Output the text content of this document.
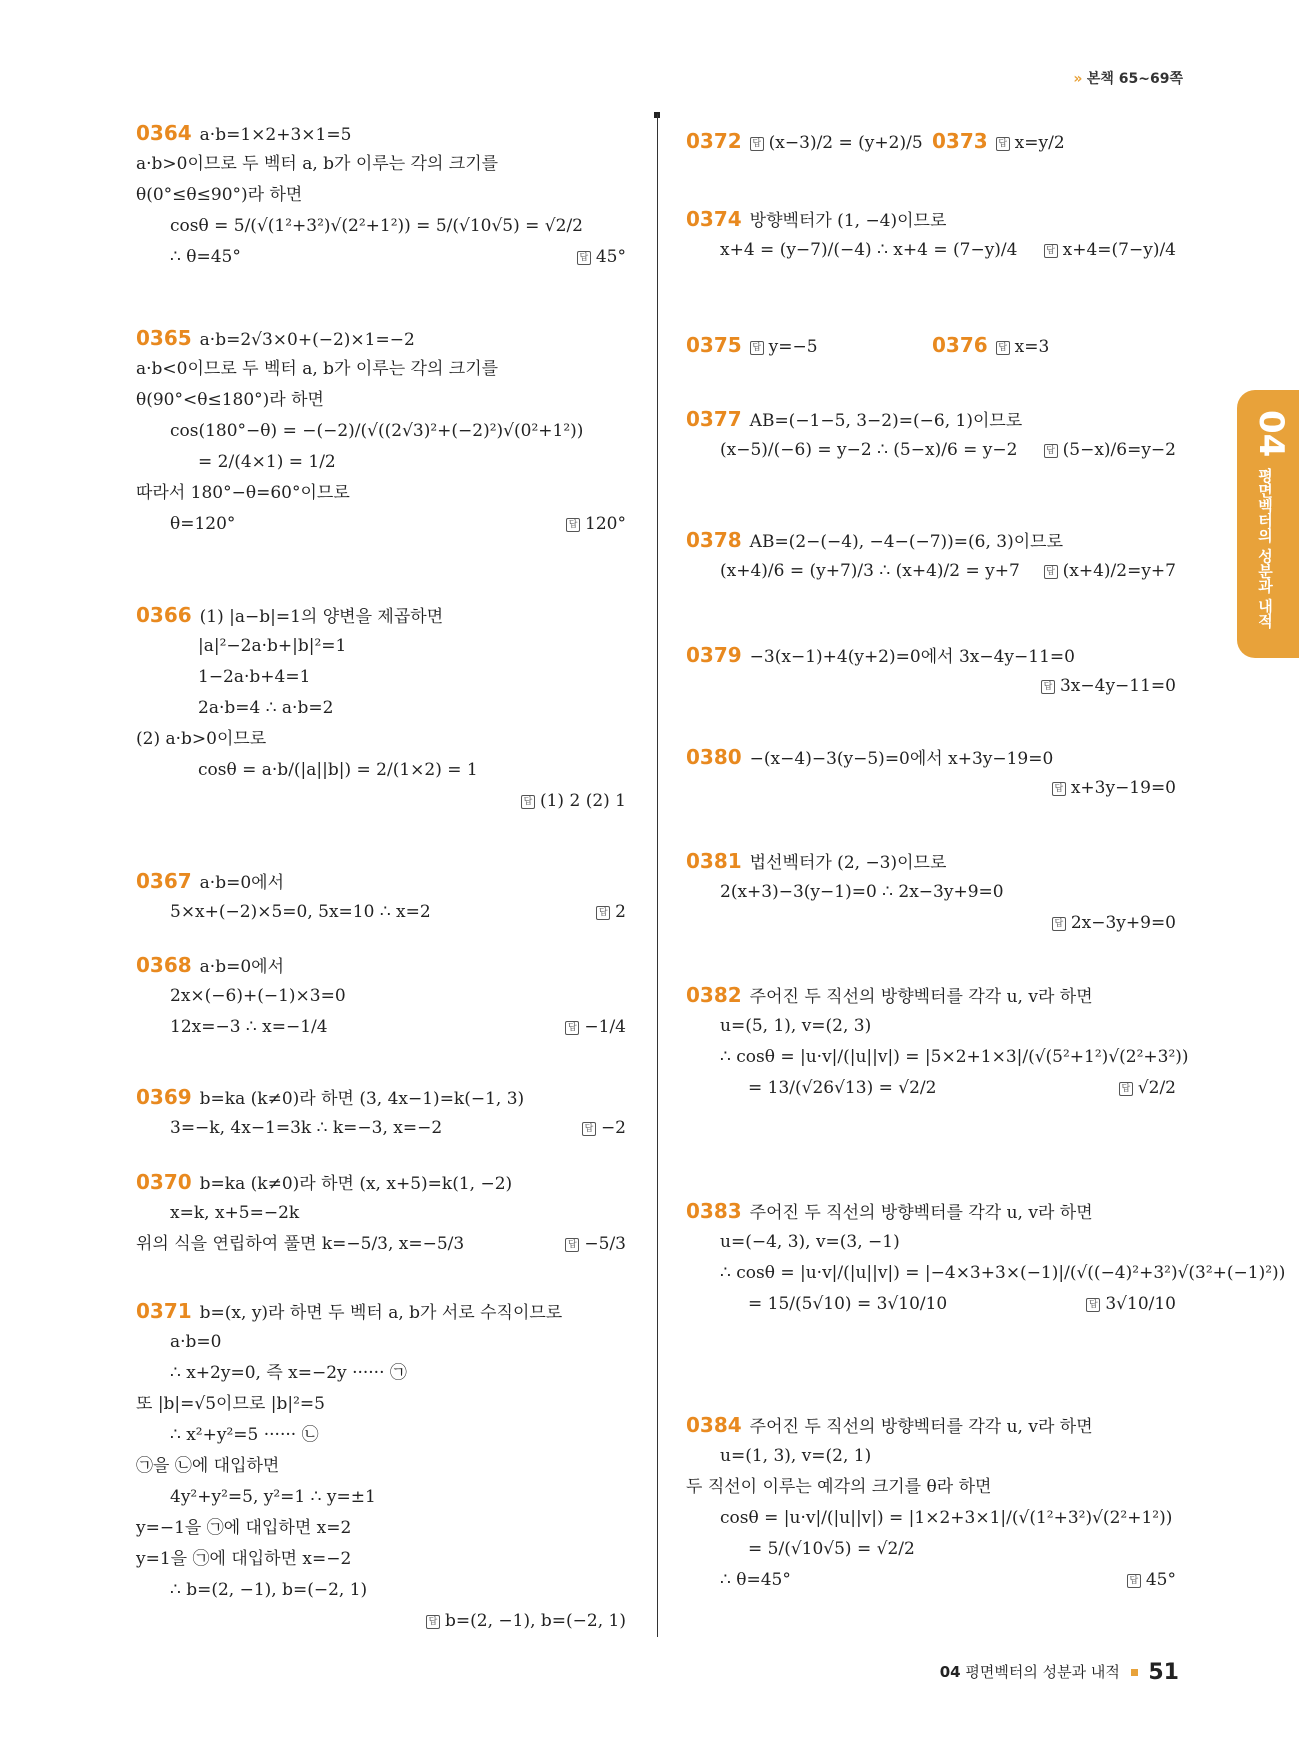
» 본책 65~69쪽
0364 a·b=1×2+3×1=5
a·b>0이므로 두 벡터 a, b가 이루는 각의 크기를
θ(0°≤θ≤90°)라 하면
cosθ = 5/(√(1²+3²)√(2²+1²)) = 5/(√10√5) = √2/2
∴ θ=45°	답 45°
0365 a·b=2√3×0+(−2)×1=−2
a·b<0이므로 두 벡터 a, b가 이루는 각의 크기를
θ(90°<θ≤180°)라 하면
cos(180°−θ) = −(−2)/(√((2√3)²+(−2)²)√(0²+1²))
= 2/(4×1) = 1/2
따라서 180°−θ=60°이므로
θ=120°	답 120°
0366 (1) |a−b|=1의 양변을 제곱하면
|a|²−2a·b+|b|²=1
1−2a·b+4=1
2a·b=4 ∴ a·b=2
(2) a·b>0이므로
cosθ = a·b/(|a||b|) = 2/(1×2) = 1
답 (1) 2 (2) 1
0367 a·b=0에서
5×x+(−2)×5=0, 5x=10 ∴ x=2	답 2
0368 a·b=0에서
2x×(−6)+(−1)×3=0
12x=−3 ∴ x=−1/4	답 −1/4
0369 b=ka (k≠0)라 하면 (3, 4x−1)=k(−1, 3)
3=−k, 4x−1=3k ∴ k=−3, x=−2	답 −2
0370 b=ka (k≠0)라 하면 (x, x+5)=k(1, −2)
x=k, x+5=−2k
위의 식을 연립하여 풀면 k=−5/3, x=−5/3	답 −5/3
0371 b=(x, y)라 하면 두 벡터 a, b가 서로 수직이므로
a·b=0
∴ x+2y=0, 즉 x=−2y ······ ㉠
또 |b|=√5이므로 |b|²=5
∴ x²+y²=5 ······ ㉡
㉠을 ㉡에 대입하면
4y²+y²=5, y²=1 ∴ y=±1
y=−1을 ㉠에 대입하면 x=2
y=1을 ㉠에 대입하면 x=−2
∴ b=(2, −1), b=(−2, 1)
답 b=(2, −1), b=(−2, 1)
0372 답 (x−3)/2 = (y+2)/5
0374 방향벡터가 (1, −4)이므로
x+4 = (y−7)/(−4) ∴ x+4 = (7−y)/4	답 x+4=(7−y)/4
0375 답 y=−5
0377 AB=(−1−5, 3−2)=(−6, 1)이므로
(x−5)/(−6) = y−2 ∴ (5−x)/6 = y−2	답 (5−x)/6=y−2
0378 AB=(2−(−4), −4−(−7))=(6, 3)이므로
(x+4)/6 = (y+7)/3 ∴ (x+4)/2 = y+7	답 (x+4)/2=y+7
0379 −3(x−1)+4(y+2)=0에서 3x−4y−11=0
답 3x−4y−11=0
0380 −(x−4)−3(y−5)=0에서 x+3y−19=0
답 x+3y−19=0
0381 법선벡터가 (2, −3)이므로
2(x+3)−3(y−1)=0 ∴ 2x−3y+9=0
답 2x−3y+9=0
0382 주어진 두 직선의 방향벡터를 각각 u, v라 하면
u=(5, 1), v=(2, 3)
∴ cosθ = |u·v|/(|u||v|) = |5×2+1×3|/(√(5²+1²)√(2²+3²))
= 13/(√26√13) = √2/2	답 √2/2
0383 주어진 두 직선의 방향벡터를 각각 u, v라 하면
u=(−4, 3), v=(3, −1)
∴ cosθ = |u·v|/(|u||v|) = |−4×3+3×(−1)|/(√((−4)²+3²)√(3²+(−1)²))
= 15/(5√10) = 3√10/10	답 3√10/10
0384 주어진 두 직선의 방향벡터를 각각 u, v라 하면
u=(1, 3), v=(2, 1)
두 직선이 이루는 예각의 크기를 θ라 하면
cosθ = |u·v|/(|u||v|) = |1×2+3×1|/(√(1²+3²)√(2²+1²))
= 5/(√10√5) = √2/2
∴ θ=45°	답 45°
0373 답 x=y/2
0376 답 x=3
04
평면벡터의 성분과 내적
04 평면벡터의 성분과 내적 51
